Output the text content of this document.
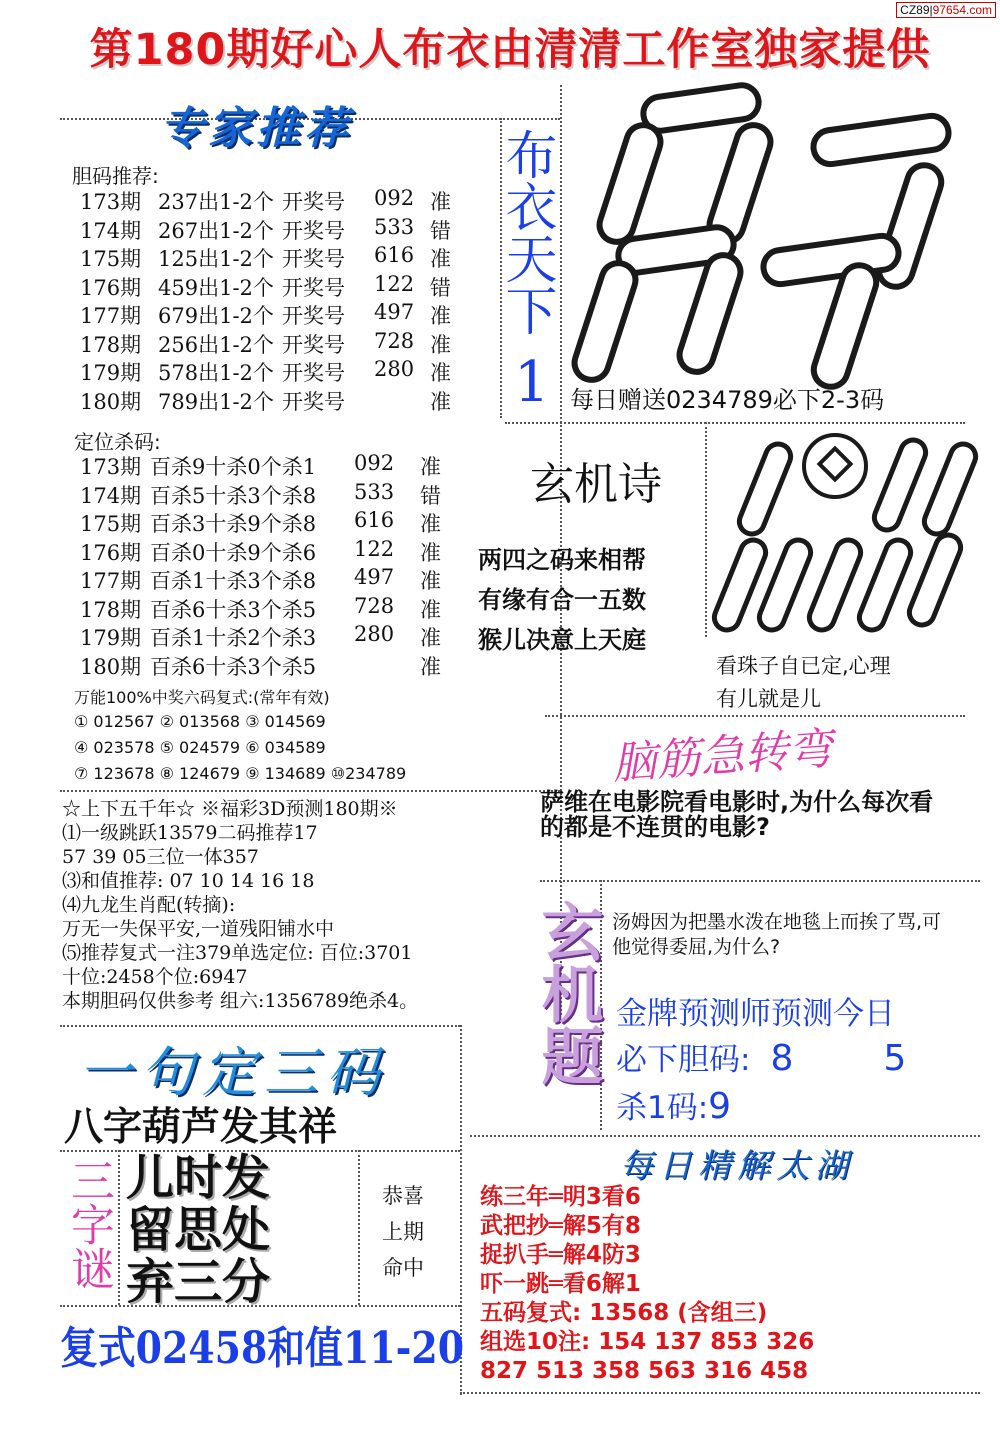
CZ89|97654.com
第180期好心人布衣由清清工作室独家提供
专家推荐
胆码推荐:
173期 237出1-2个 开奖号 092 准
174期 267出1-2个 开奖号 533 错
175期 125出1-2个 开奖号 616 准
176期 459出1-2个 开奖号 122 错
177期 679出1-2个 开奖号 497 准
178期 256出1-2个 开奖号 728 准
179期 578出1-2个 开奖号 280 准
180期 789出1-2个 开奖号	准
定位杀码:
173期 百杀9十杀0个杀1 092 准
174期 百杀5十杀3个杀8 533 错
175期 百杀3十杀9个杀8 616 准
176期 百杀0十杀9个杀6 122 准
177期 百杀1十杀3个杀8 497 准
178期 百杀6十杀3个杀5 728 准
179期 百杀1十杀2个杀3 280 准
180期 百杀6十杀3个杀5	准
万能100%中奖六码复式:(常年有效)
① 012567 ② 013568 ③ 014569
④ 023578 ⑤ 024579 ⑥ 034589
⑦ 123678 ⑧ 124679 ⑨ 134689 ⑩234789
☆上下五千年☆ ※福彩3D预测180期※
⑴一级跳跃13579二码推荐17
57 39 05三位一体357
⑶和值推荐: 07 10 14 16 18
⑷九龙生肖配(转摘):
万无一失保平安,一道残阳铺水中
⑸推荐复式一注379单选定位: 百位:3701
十位:2458个位:6947
本期胆码仅供参考 组六:1356789绝杀4。
布衣天下
1 每日赠送0234789必下2-3码
玄机诗
两四之码来相帮
有缘有合一五数
猴儿决意上天庭
看珠子自已定,心理
有儿就是儿
脑筋急转弯
萨维在电影院看电影时,为什么每次看的都是不连贯的电影?
玄机题 汤姆因为把墨水泼在地毯上而挨了骂,可他觉得委屈,为什么?
金牌预测师预测今日
必下胆码: 8	5
杀1码:9
一句定三码
八字葫芦发其祥
三字谜 儿时发
留思处
弃三分
恭喜
上期
命中
复式02458和值11-20
每日精解太湖
练三年═明3看6
武把抄═解5有8
捉扒手═解4防3
吓一跳═看6解1
五码复式: 13568 (含组三)
组选10注: 154 137 853 326
827 513 358 563 316 458
